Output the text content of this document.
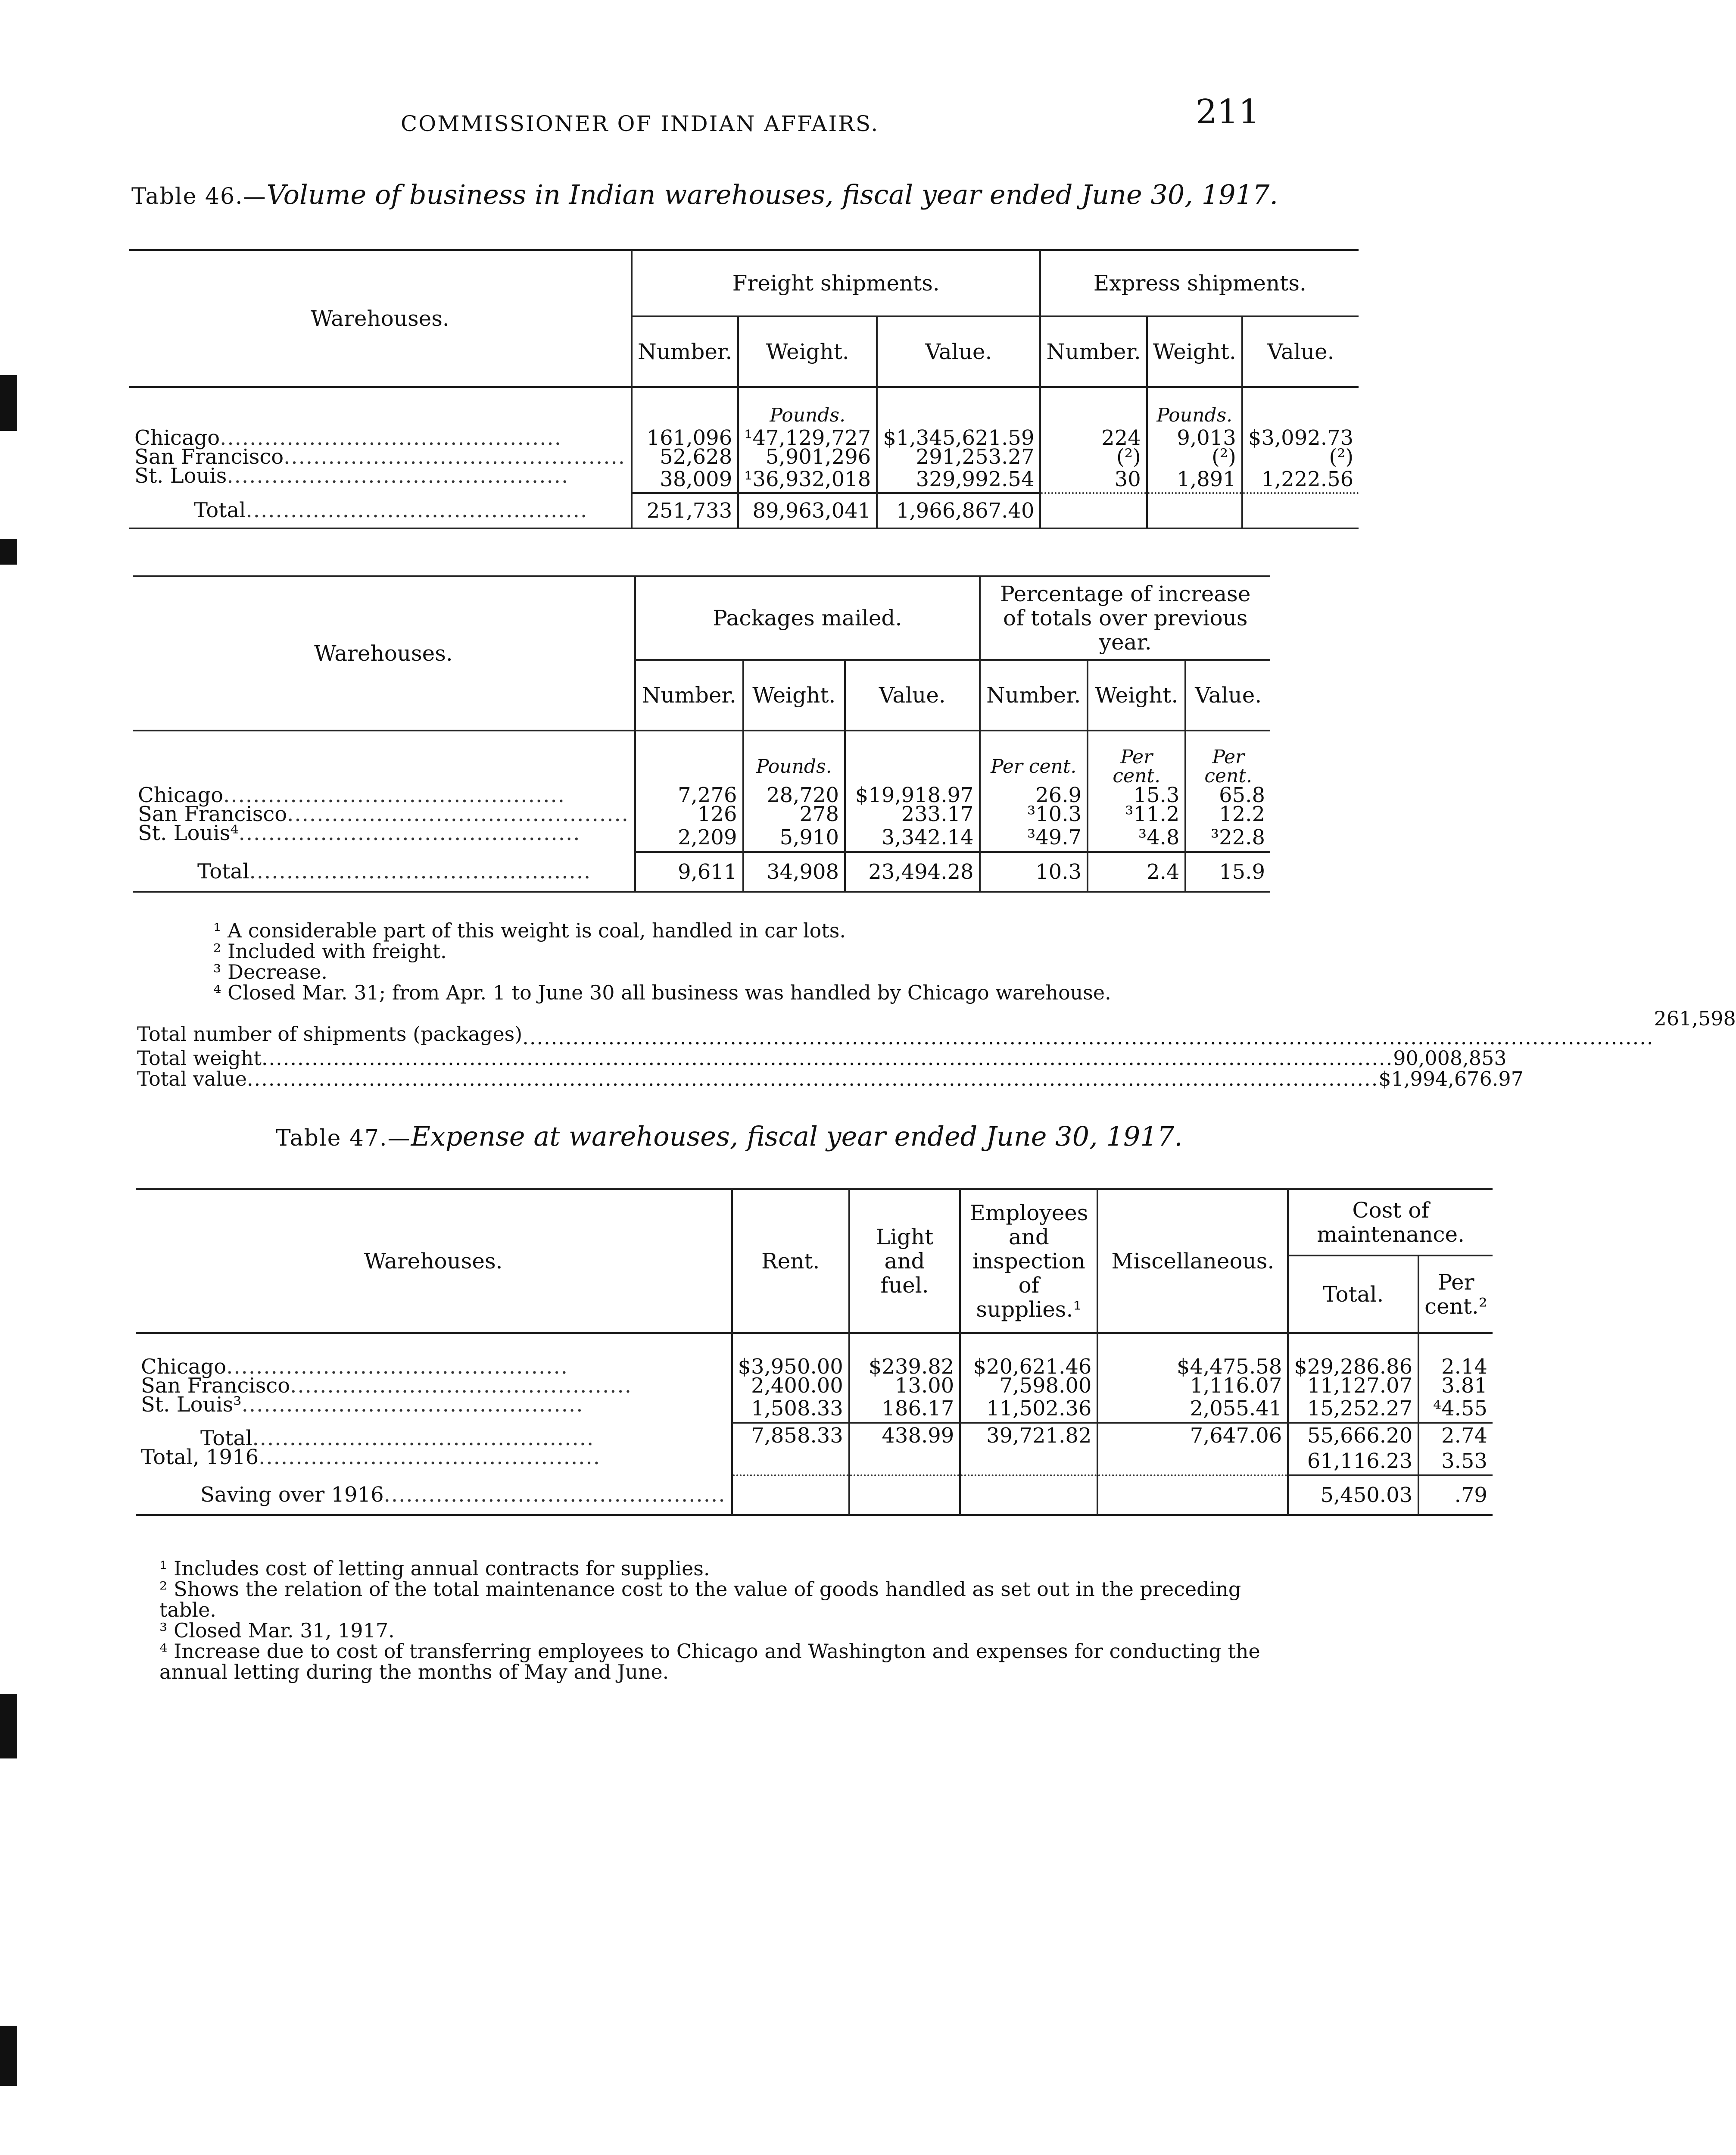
COMMISSIONER OF INDIAN AFFAIRS.	211
Table 46.—Volume of business in Indian warehouses, fiscal year ended June 30, 1917.
Warehouses.	Freight shipments.			Express shipments.		
	Number.	Weight.	Value.	Number.	Weight.	Value.
		Pounds.			Pounds.	
Chicago..............................................	161,096	¹47,129,727	$1,345,621.59	224	9,013	$3,092.73
San Francisco..............................................	52,628	5,901,296	291,253.27	(²)	(²)	(²)
St. Louis..............................................	38,009	¹36,932,018	329,992.54	30	1,891	1,222.56
Total..............................................	251,733	89,963,041	1,966,867.40			
Warehouses.	Packages mailed.			Percentage of increase of totals over previous year.		
	Number.	Weight.	Value.	Number.	Weight.	Value.
		Pounds.		Per cent.	Per cent.	Per cent.
Chicago..............................................	7,276	28,720	$19,918.97	26.9	15.3	65.8
San Francisco..............................................	126	278	233.17	³10.3	³11.2	12.2
St. Louis⁴..............................................	2,209	5,910	3,342.14	³49.7	³4.8	³22.8
Total..............................................	9,611	34,908	23,494.28	10.3	2.4	15.9
¹ A considerable part of this weight is coal, handled in car lots.
² Included with freight.
³ Decrease.
⁴ Closed Mar. 31; from Apr. 1 to June 30 all business was handled by Chicago warehouse.
Total number of shipments (packages) ..............................................................................................................................................................
261,598
Total weight .............................................................................................................................................................. 90,008,853
Total value .............................................................................................................................................................. $1,994,676.97
Table 47.—Expense at warehouses, fiscal year ended June 30, 1917.
Warehouses.	Rent.	Light and fuel.	Employees and inspection of supplies.¹	Miscellaneous.	Cost of maintenance.	
					Total.	Per cent.²

Chicago..............................................	$3,950.00	$239.82	$20,621.46	$4,475.58	$29,286.86	2.14
San Francisco..............................................	2,400.00	13.00	7,598.00	1,116.07	11,127.07	3.81
St. Louis³..............................................	1,508.33	186.17	11,502.36	2,055.41	15,252.27	⁴4.55
Total..............................................	7,858.33	438.99	39,721.82	7,647.06	55,666.20	2.74
Total, 1916..............................................					61,116.23	3.53
Saving over 1916..............................................					5,450.03	.79
¹ Includes cost of letting annual contracts for supplies.
² Shows the relation of the total maintenance cost to the value of goods handled as set out in the preceding table.
³ Closed Mar. 31, 1917.
⁴ Increase due to cost of transferring employees to Chicago and Washington and expenses for conducting the annual letting during the months of May and June.
